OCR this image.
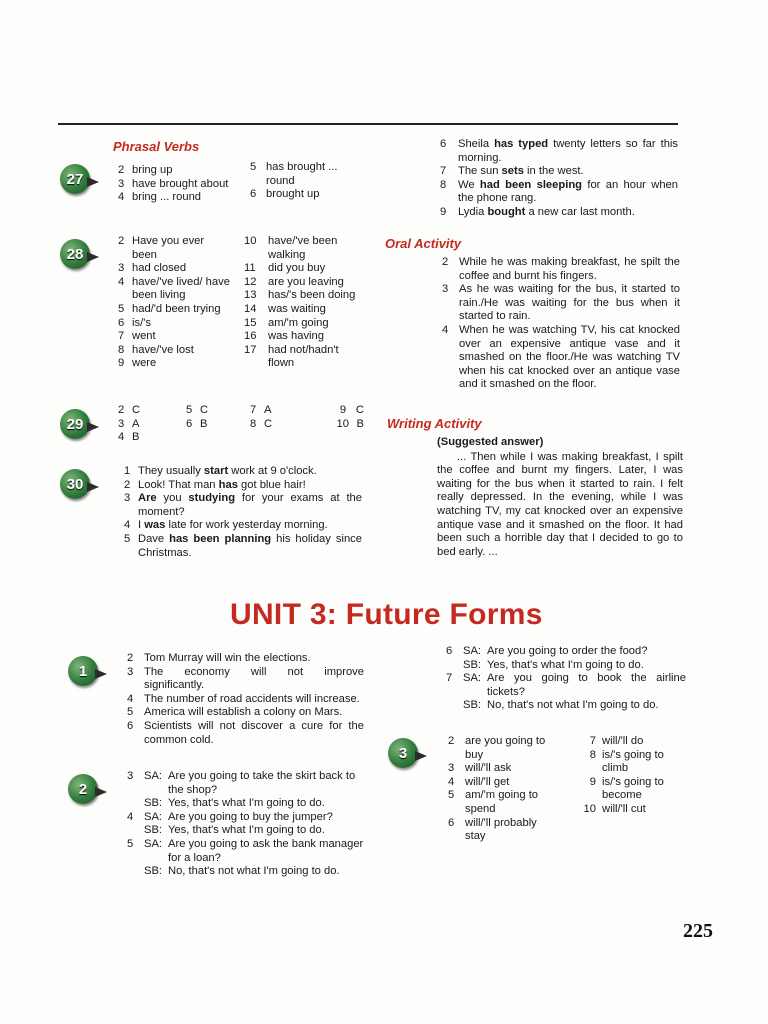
Phrasal Verbs
27
2 bring up
3 have brought about
4 bring ... round
5 has brought ... round
6 brought up
28
2 Have you ever been
3 had closed
4 have/'ve lived/ have been living
5 had/'d been trying
6 is/'s
7 went
8 have/'ve lost
9 were
10	have/'ve been walking
11	did you buy
12	are you leaving
13	has/'s been doing
14	was waiting
15	am/'m going
16	was having
17	had not/hadn't flown
29
2 C	5 C	7 A	9 C
3 A	6 B	8 C	10 B
4 B
30
1 They usually start work at 9 o'clock.
2 Look! That man has got blue hair!
3 Are you studying for your exams at the moment?
4 I was late for work yesterday morning.
5 Dave has been planning his holiday since Christmas.
6	Sheila has typed twenty letters so far this morning.
7	The sun sets in the west.
8	We had been sleeping for an hour when the phone rang.
9	Lydia bought a new car last month.
Oral Activity
2 While he was making breakfast, he spilt the coffee and burnt his fingers.
3 As he was waiting for the bus, it started to rain./He was waiting for the bus when it started to rain.
4 When he was watching TV, his cat knocked over an expensive antique vase and it smashed on the floor./He was watching TV when his cat knocked over an antique vase and it smashed on the floor.
Writing Activity
(Suggested answer)
... Then while I was making breakfast, I spilt the coffee and burnt my fingers. Later, I was waiting for the bus when it started to rain. I felt really depressed. In the evening, while I was watching TV, my cat knocked over an expensive antique vase and it smashed on the floor. It had been such a horrible day that I decided to go to bed early. ...
UNIT 3: Future Forms
1
2 Tom Murray will win the elections.
3 The economy will not improve significantly.
4 The number of road accidents will increase.
5 America will establish a colony on Mars.
6 Scientists will not discover a cure for the common cold.
2
3 SA: Are you going to take the skirt back to the shop?
SB: Yes, that's what I'm going to do.
4 SA: Are you going to buy the jumper?
SB: Yes, that's what I'm going to do.
5 SA: Are you going to ask the bank manager for a loan?
SB: No, that's not what I'm going to do.
6 SA: Are you going to order the food?
SB: Yes, that's what I'm going to do.
7 SA: Are you going to book the airline tickets?
SB: No, that's not what I'm going to do.
3
2 are you going to buy
3 will/'ll ask
4 will/'ll get
5 am/'m going to spend
6 will/'ll probably stay
7 will/'ll do
8 is/'s going to climb
9 is/'s going to become
10 will/'ll cut
225
